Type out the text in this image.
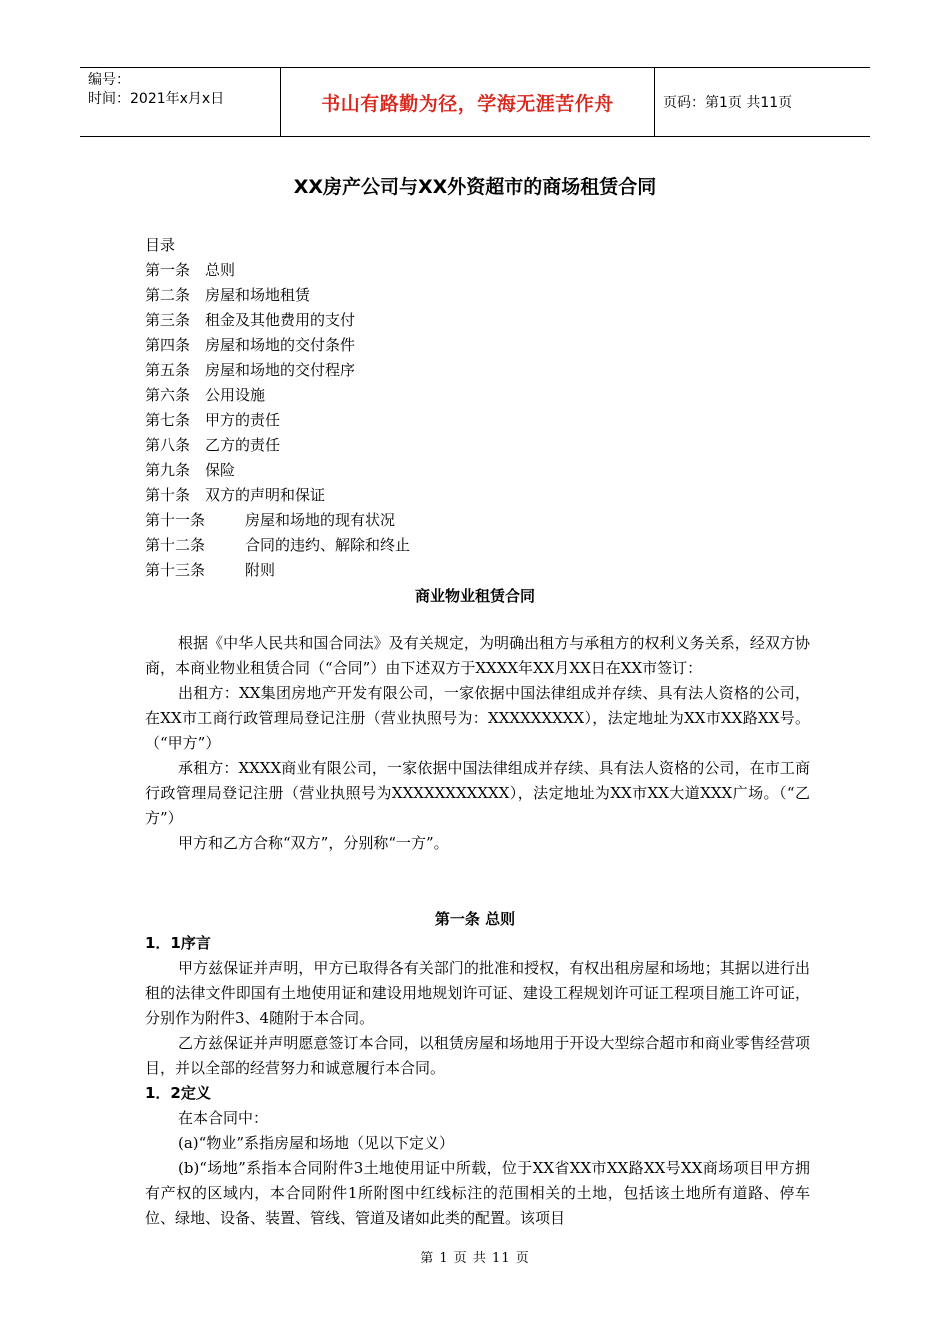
编号：
时间：2021年x月x日	书山有路勤为径，学海无涯苦作舟	页码：第1页 共11页
XX房产公司与XX外资超市的商场租赁合同
目录
第一条 总则
第二条 房屋和场地租赁
第三条 租金及其他费用的支付
第四条 房屋和场地的交付条件
第五条 房屋和场地的交付程序
第六条 公用设施
第七条 甲方的责任
第八条 乙方的责任
第九条 保险
第十条 双方的声明和保证
第十一条	房屋和场地的现有状况
第十二条	合同的违约、解除和终止
第十三条	附则
商业物业租赁合同

根据《中华人民共和国合同法》及有关规定，为明确出租方与承租方的权利义务关系，经双方协商，本商业物业租赁合同（“合同”）由下述双方于XXXX年XX月XX日在XX市签订：

出租方：XX集团房地产开发有限公司，一家依据中国法律组成并存续、具有法人资格的公司，在XX市工商行政管理局登记注册（营业执照号为：XXXXXXXXX），法定地址为XX市XX路XX号。（“甲方”）

承租方：XXXX商业有限公司，一家依据中国法律组成并存续、具有法人资格的公司，在市工商行政管理局登记注册（营业执照号为XXXXXXXXXXX），法定地址为XX市XX大道XXX广场。（“乙方”）

甲方和乙方合称“双方”，分别称“一方”。

第一条 总则
1．1序言

甲方兹保证并声明，甲方已取得各有关部门的批准和授权，有权出租房屋和场地；其据以进行出租的法律文件即国有土地使用证和建设用地规划许可证、建设工程规划许可证工程项目施工许可证，分别作为附件3、4随附于本合同。

乙方兹保证并声明愿意签订本合同，以租赁房屋和场地用于开设大型综合超市和商业零售经营项目，并以全部的经营努力和诚意履行本合同。

1．2定义

在本合同中：

(a)“物业”系指房屋和场地（见以下定义）

(b)“场地”系指本合同附件3土地使用证中所载，位于XX省XX市XX路XX号XX商场项目甲方拥有产权的区域内，本合同附件1所附图中红线标注的范围相关的土地，包括该土地所有道路、停车位、绿地、设备、装置、管线、管道及诸如此类的配置。该项目

第 1 页 共 11 页
